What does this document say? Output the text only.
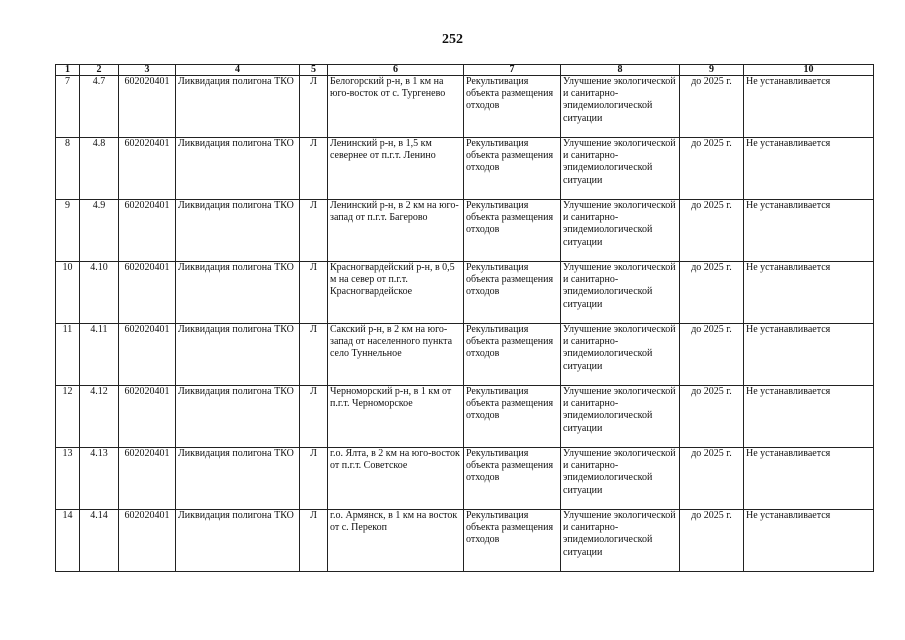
252
1	2	3	4	5	6	7	8	9	10
7	4.7	602020401	Ликвидация полигона ТКО	Л	Белогорский р-н, в 1 км на юго-восток от с. Тургенево	Рекультивация объекта размещения отходов	Улучшение экологической и санитарно-эпидемиологической ситуации	до 2025 г.	Не устанавливается
8	4.8	602020401	Ликвидация полигона ТКО	Л	Ленинский р-н, в 1,5 км севернее от п.г.т. Ленино	Рекультивация объекта размещения отходов	Улучшение экологической и санитарно-эпидемиологической ситуации	до 2025 г.	Не устанавливается
9	4.9	602020401	Ликвидация полигона ТКО	Л	Ленинский р-н, в 2 км на юго-запад от п.г.т. Багерово	Рекультивация объекта размещения отходов	Улучшение экологической и санитарно-эпидемиологической ситуации	до 2025 г.	Не устанавливается
10	4.10	602020401	Ликвидация полигона ТКО	Л	Красногвардейский р-н, в 0,5 м на север от п.г.т. Красногвардейское	Рекультивация объекта размещения отходов	Улучшение экологической и санитарно-эпидемиологической ситуации	до 2025 г.	Не устанавливается
11	4.11	602020401	Ликвидация полигона ТКО	Л	Сакский р-н, в 2 км на юго-запад от населенного пункта село Туннельное	Рекультивация объекта размещения отходов	Улучшение экологической и санитарно-эпидемиологической ситуации	до 2025 г.	Не устанавливается
12	4.12	602020401	Ликвидация полигона ТКО	Л	Черноморский р-н, в 1 км от п.г.т. Черноморское	Рекультивация объекта размещения отходов	Улучшение экологической и санитарно-эпидемиологической ситуации	до 2025 г.	Не устанавливается
13	4.13	602020401	Ликвидация полигона ТКО	Л	г.о. Ялта, в 2 км на юго-восток от п.г.т. Советское	Рекультивация объекта размещения отходов	Улучшение экологической и санитарно-эпидемиологической ситуации	до 2025 г.	Не устанавливается
14	4.14	602020401	Ликвидация полигона ТКО	Л	г.о. Армянск, в 1 км на восток от с. Перекоп	Рекультивация объекта размещения отходов	Улучшение экологической и санитарно-эпидемиологической ситуации	до 2025 г.	Не устанавливается
